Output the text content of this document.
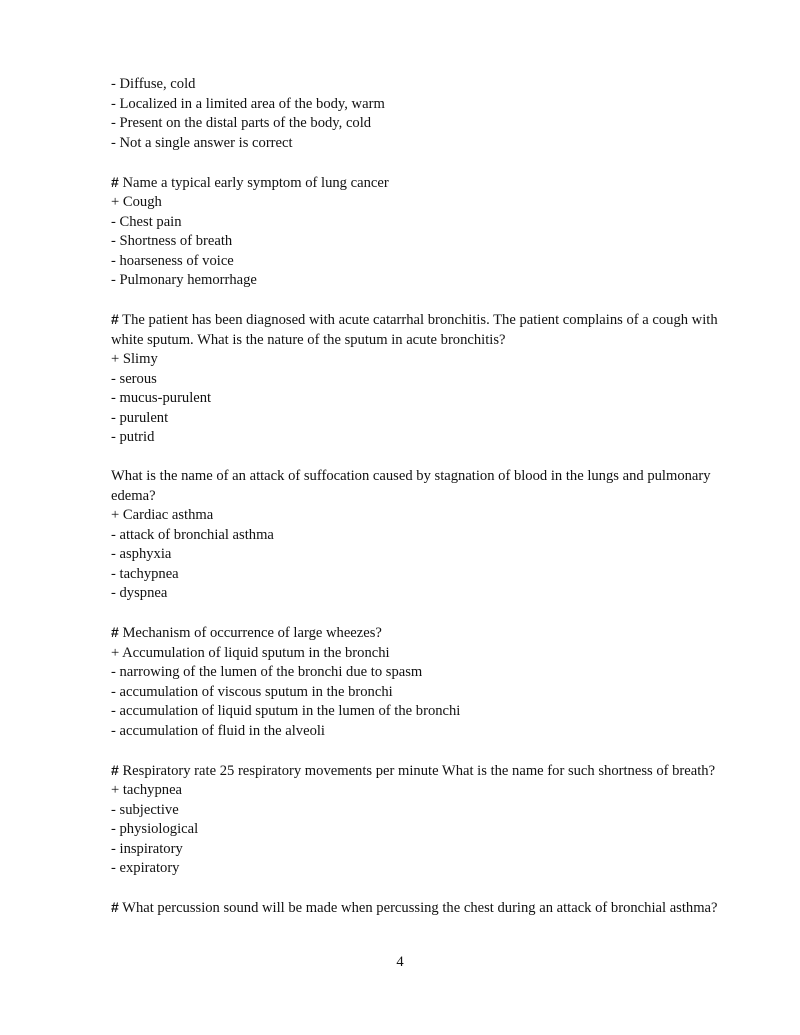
- Diffuse, cold
- Localized in a limited area of the body, warm
- Present on the distal parts of the body, cold
- Not a single answer is correct
# Name a typical early symptom of lung cancer
+ Cough
- Chest pain
- Shortness of breath
- hoarseness of voice
- Pulmonary hemorrhage
# The patient has been diagnosed with acute catarrhal bronchitis. The patient complains of a cough with white sputum. What is the nature of the sputum in acute bronchitis?
+ Slimy
- serous
- mucus-purulent
- purulent
- putrid
What is the name of an attack of suffocation caused by stagnation of blood in the lungs and pulmonary edema?
+ Cardiac asthma
- attack of bronchial asthma
- asphyxia
- tachypnea
- dyspnea
# Mechanism of occurrence of large wheezes?
+ Accumulation of liquid sputum in the bronchi
- narrowing of the lumen of the bronchi due to spasm
- accumulation of viscous sputum in the bronchi
- accumulation of liquid sputum in the lumen of the bronchi
- accumulation of fluid in the alveoli
# Respiratory rate 25 respiratory movements per minute What is the name for such shortness of breath?
+ tachypnea
- subjective
- physiological
- inspiratory
- expiratory
# What percussion sound will be made when percussing the chest during an attack of bronchial asthma?
4
